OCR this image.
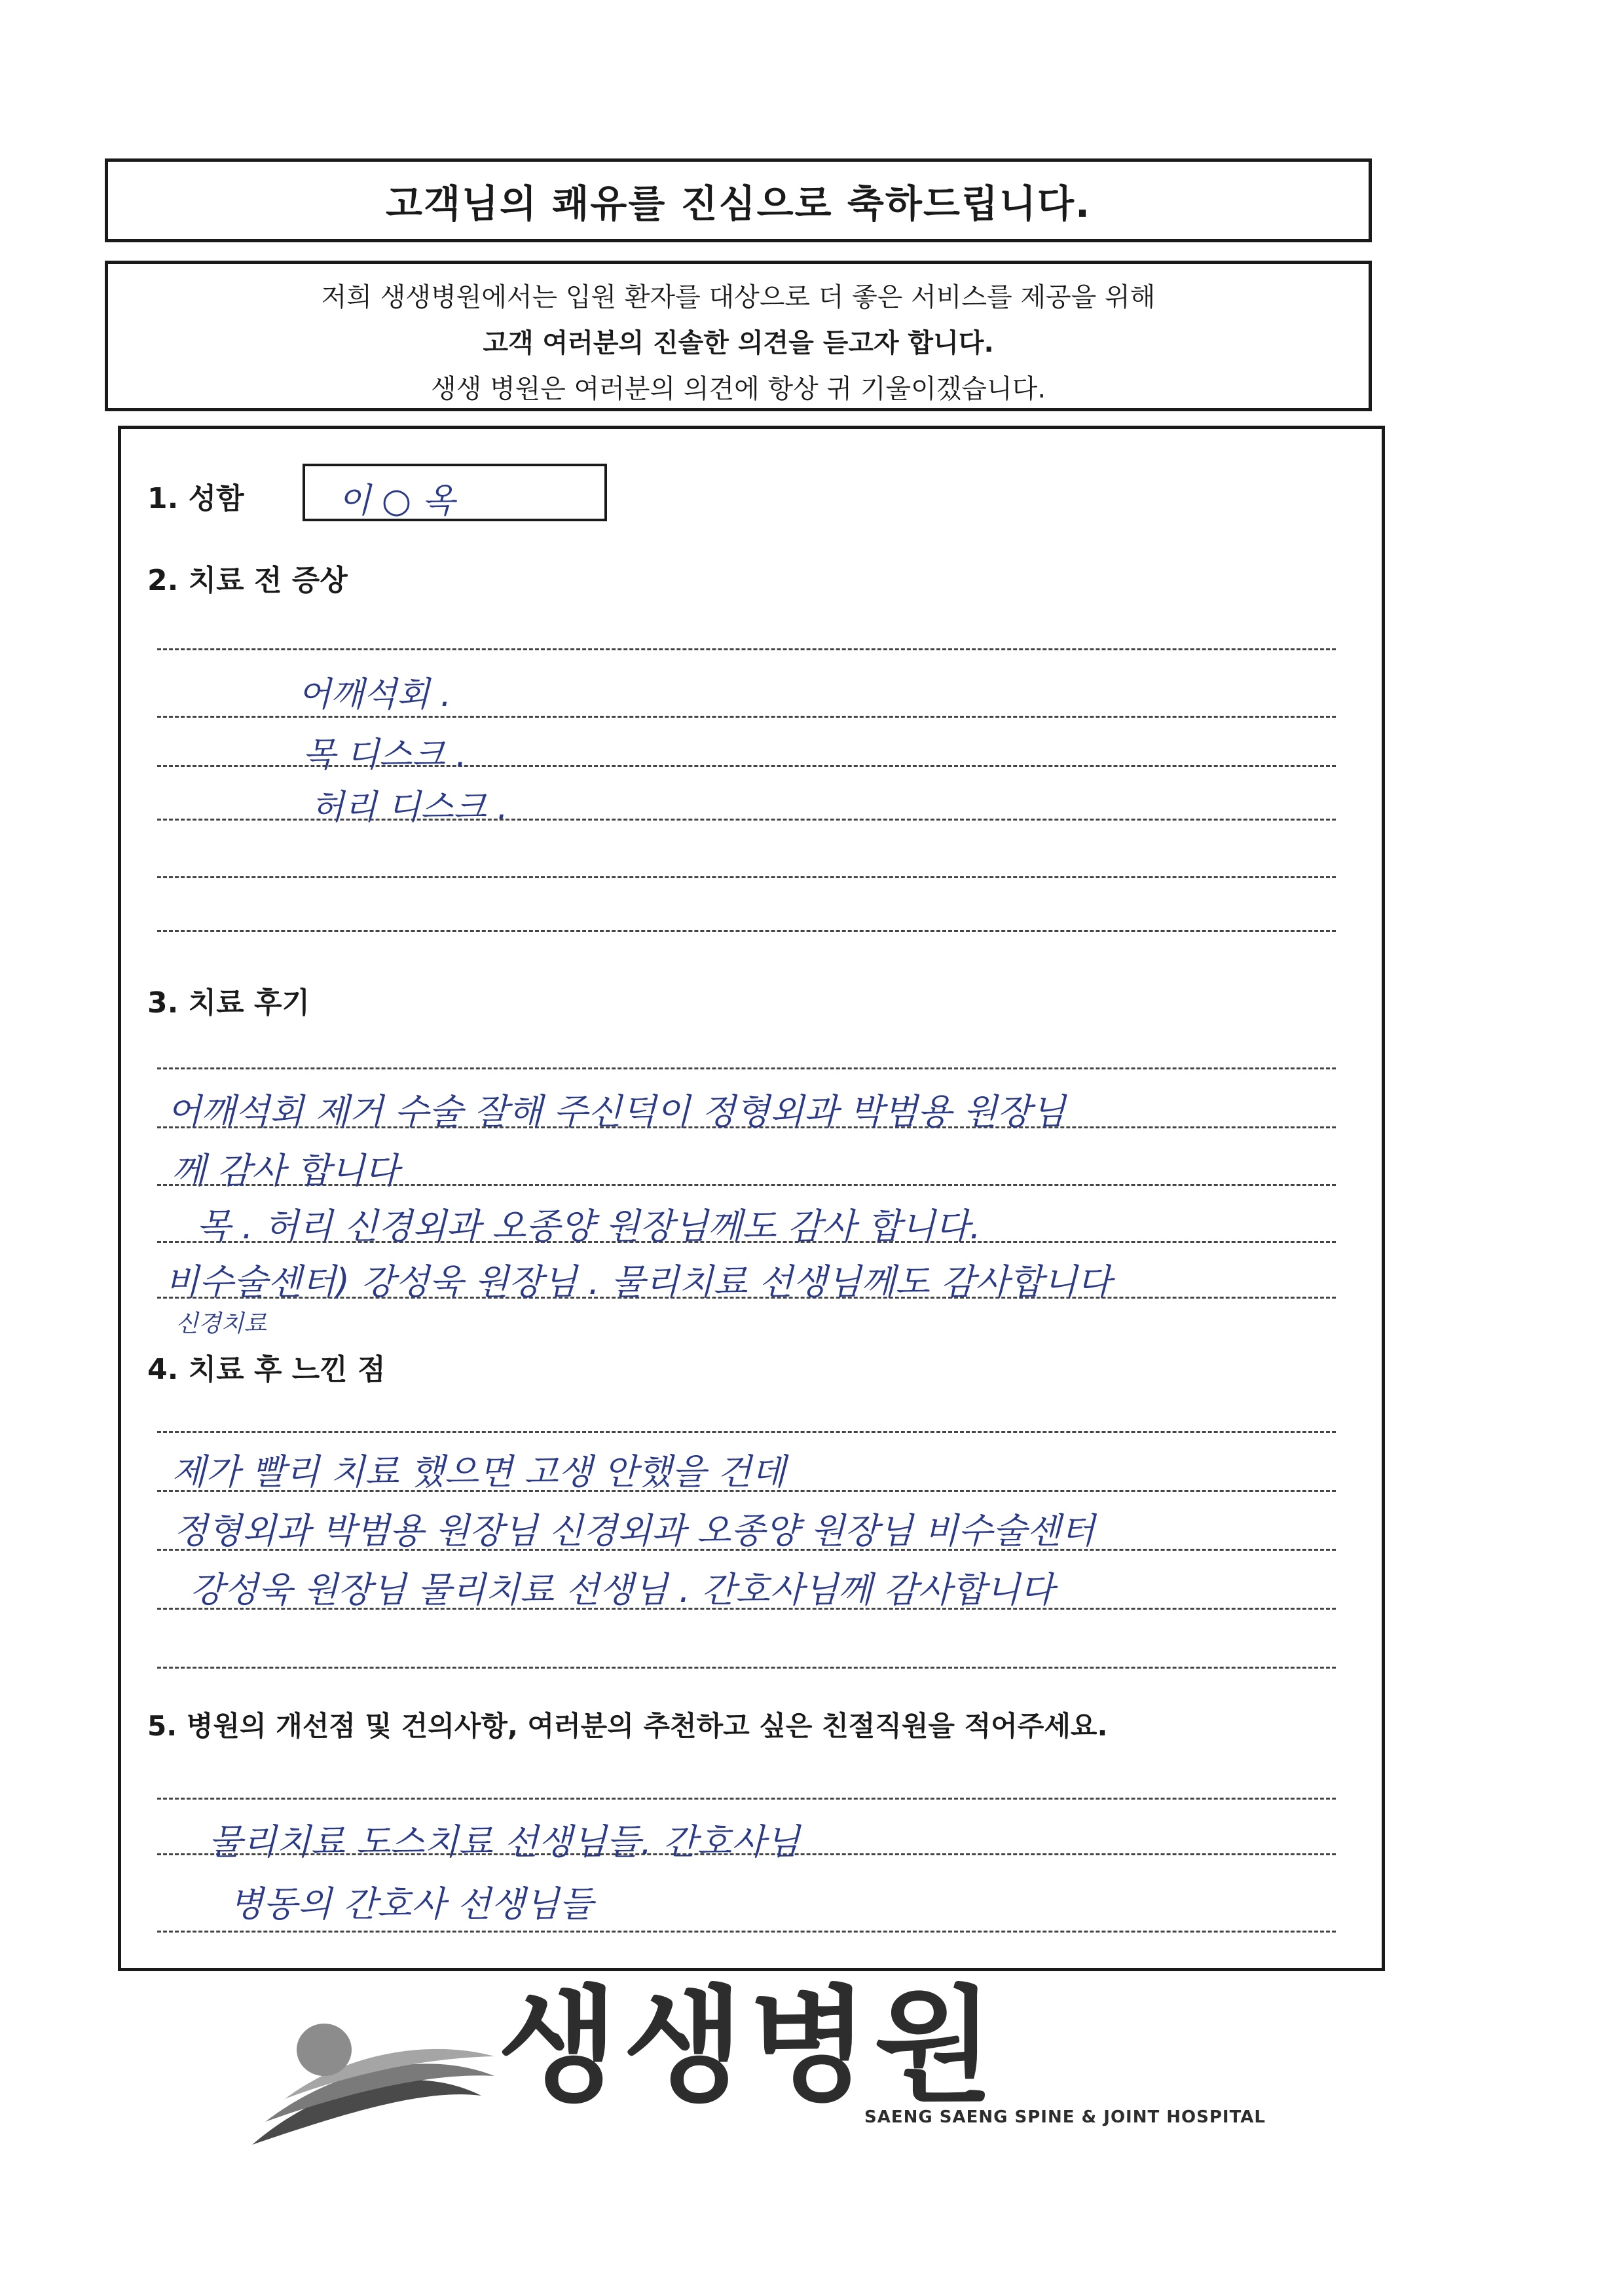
고객님의 쾌유를 진심으로 축하드립니다.
저희 생생병원에서는 입원 환자를 대상으로 더 좋은 서비스를 제공을 위해
고객 여러분의 진솔한 의견을 듣고자 합니다.
생생 병원은 여러분의 의견에 항상 귀 기울이겠습니다.
1. 성함	이 ○ 옥
2. 치료 전 증상
어깨석회 .
목 디스크 .
허리 디스크 .
3. 치료 후기
어깨석회 제거 수술 잘해 주신덕이 정형외과 박범용 원장님
께 감사 합니다
목 . 허리 신경외과 오종양 원장님께도 감사 합니다.
비수술센터) 강성욱 원장님 . 물리치료 선생님께도 감사합니다
신경치료
4. 치료 후 느낀 점
제가 빨리 치료 했으면 고생 안했을 건데
정형외과 박범용 원장님 신경외과 오종양 원장님 비수술센터
강성욱 원장님 물리치료 선생님 . 간호사님께 감사합니다
5. 병원의 개선점 및 건의사항, 여러분의 추천하고 싶은 친절직원을 적어주세요.
물리치료 도스치료 선생님들. 간호사님
병동의 간호사 선생님들
생생병원
SAENG SAENG SPINE & JOINT HOSPITAL
